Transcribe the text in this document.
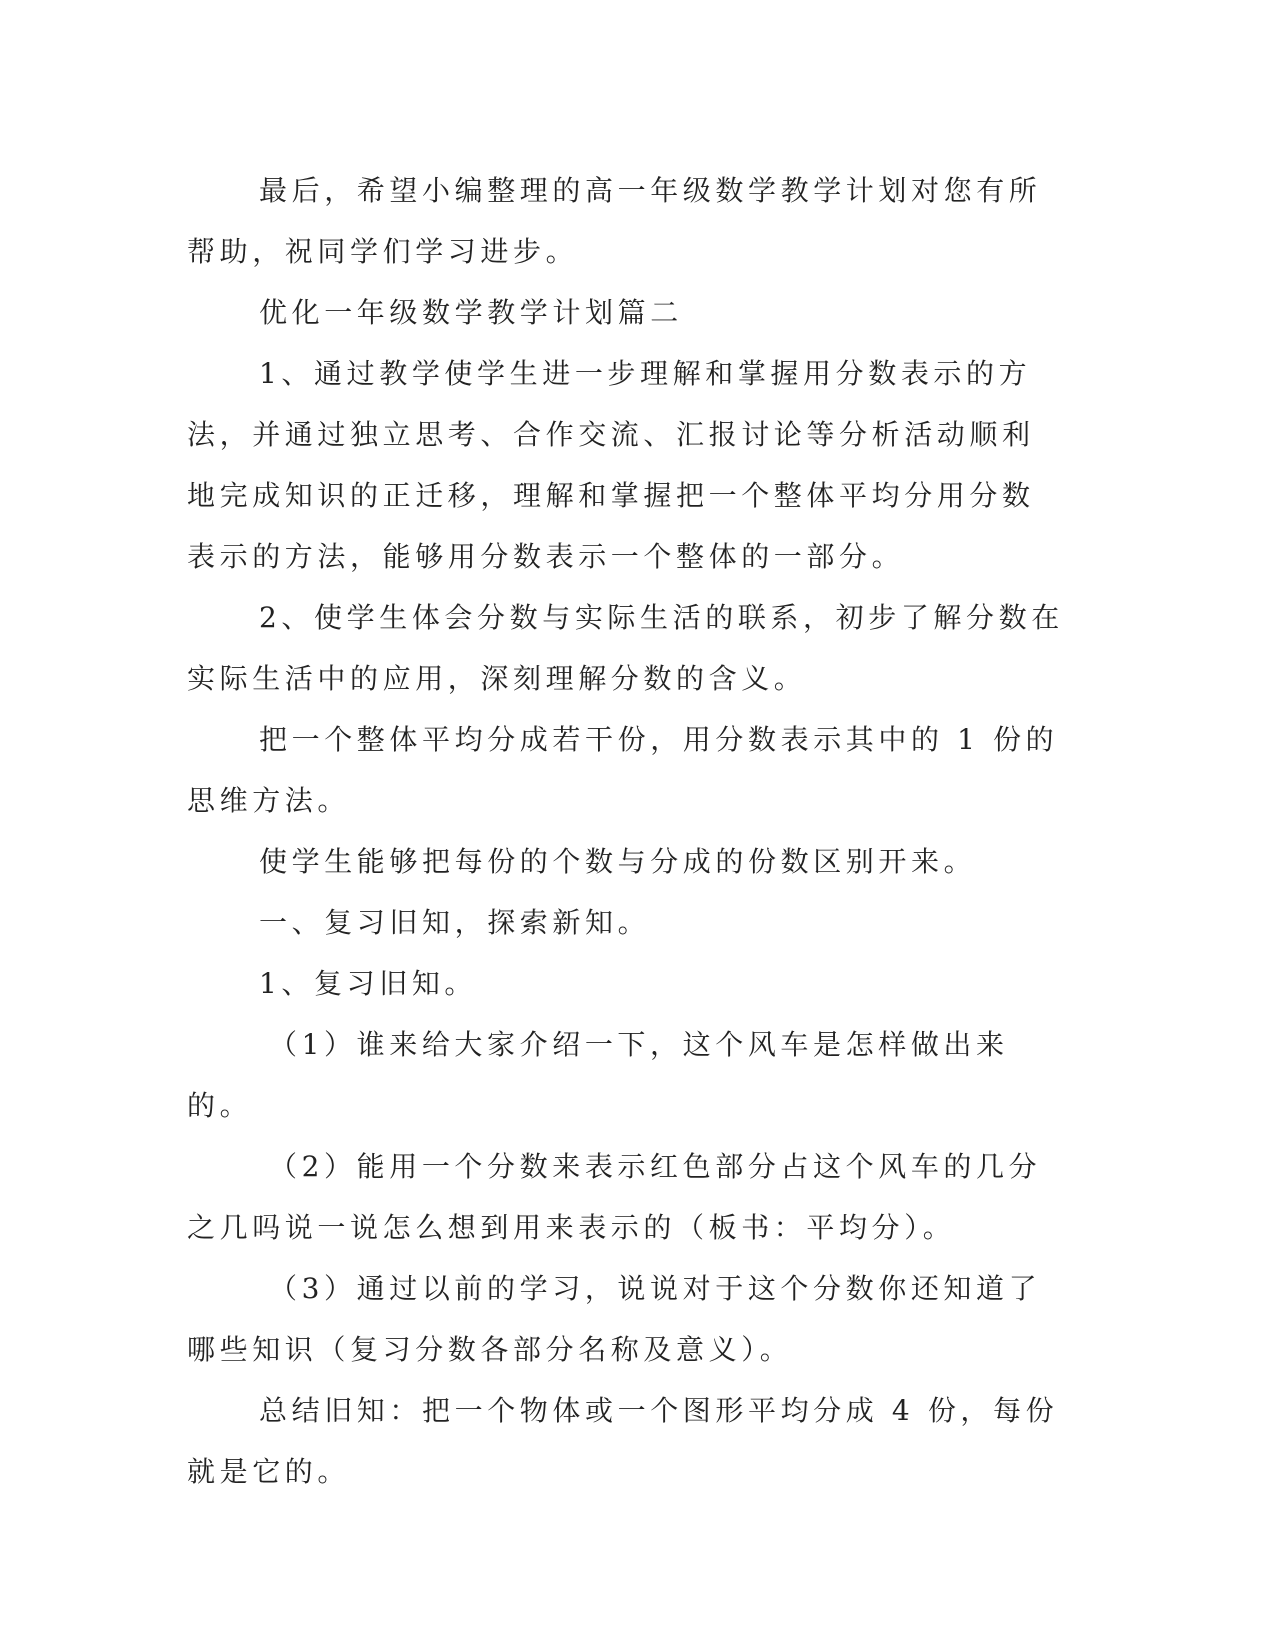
最后，希望小编整理的高一年级数学教学计划对您有所帮助，祝同学们学习进步。

优化一年级数学教学计划篇二

1、通过教学使学生进一步理解和掌握用分数表示的方法，并通过独立思考、合作交流、汇报讨论等分析活动顺利地完成知识的正迁移，理解和掌握把一个整体平均分用分数表示的方法，能够用分数表示一个整体的一部分。

2、使学生体会分数与实际生活的联系，初步了解分数在实际生活中的应用，深刻理解分数的含义。

把一个整体平均分成若干份，用分数表示其中的 1 份的思维方法。

使学生能够把每份的个数与分成的份数区别开来。

一、复习旧知，探索新知。

1、复习旧知。

（1）谁来给大家介绍一下，这个风车是怎样做出来的。

（2）能用一个分数来表示红色部分占这个风车的几分之几吗说一说怎么想到用来表示的（板书：平均分）。

（3）通过以前的学习，说说对于这个分数你还知道了哪些知识（复习分数各部分名称及意义）。

总结旧知：把一个物体或一个图形平均分成 4 份，每份就是它的。
